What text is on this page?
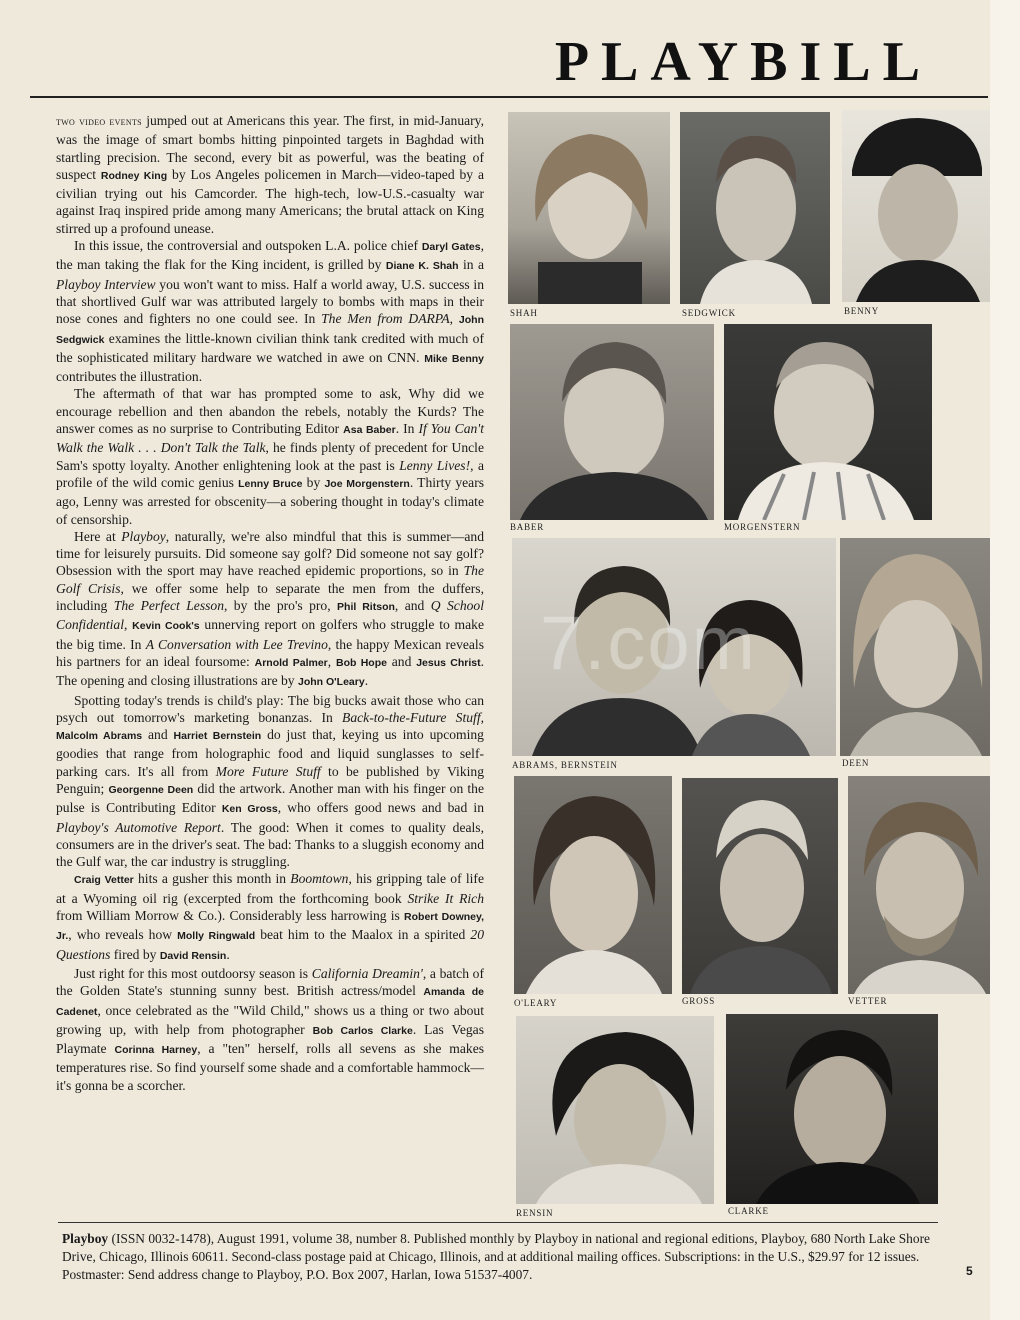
PLAYBILL

two video events jumped out at Americans this year. The first, in mid-January, was the image of smart bombs hitting pinpointed targets in Baghdad with startling precision. The second, every bit as powerful, was the beating of suspect Rodney King by Los Angeles policemen in March—video-taped by a civilian trying out his Camcorder. The high-tech, low-U.S.-casualty war against Iraq inspired pride among many Americans; the brutal attack on King stirred up a profound unease.

In this issue, the controversial and outspoken L.A. police chief Daryl Gates, the man taking the flak for the King incident, is grilled by Diane K. Shah in a Playboy Interview you won't want to miss. Half a world away, U.S. success in that shortlived Gulf war was attributed largely to bombs with maps in their nose cones and fighters no one could see. In The Men from DARPA, John Sedgwick examines the little-known civilian think tank credited with much of the sophisticated military hardware we watched in awe on CNN. Mike Benny contributes the illustration.

The aftermath of that war has prompted some to ask, Why did we encourage rebellion and then abandon the rebels, notably the Kurds? The answer comes as no surprise to Contributing Editor Asa Baber. In If You Can't Walk the Walk . . . Don't Talk the Talk, he finds plenty of precedent for Uncle Sam's spotty loyalty. Another enlightening look at the past is Lenny Lives!, a profile of the wild comic genius Lenny Bruce by Joe Morgenstern. Thirty years ago, Lenny was arrested for obscenity—a sobering thought in today's climate of censorship.

Here at Playboy, naturally, we're also mindful that this is summer—and time for leisurely pursuits. Did someone say golf? Did someone not say golf? Obsession with the sport may have reached epidemic proportions, so in The Golf Crisis, we offer some help to separate the men from the duffers, including The Perfect Lesson, by the pro's pro, Phil Ritson, and Q School Confidential, Kevin Cook's unnerving report on golfers who struggle to make the big time. In A Conversation with Lee Trevino, the happy Mexican reveals his partners for an ideal foursome: Arnold Palmer, Bob Hope and Jesus Christ. The opening and closing illustrations are by John O'Leary.

Spotting today's trends is child's play: The big bucks await those who can psych out tomorrow's marketing bonanzas. In Back-to-the-Future Stuff, Malcolm Abrams and Harriet Bernstein do just that, keying us into upcoming goodies that range from holographic food and liquid sunglasses to self-parking cars. It's all from More Future Stuff to be published by Viking Penguin; Georgenne Deen did the artwork. Another man with his finger on the pulse is Contributing Editor Ken Gross, who offers good news and bad in Playboy's Automotive Report. The good: When it comes to quality deals, consumers are in the driver's seat. The bad: Thanks to a sluggish economy and the Gulf war, the car industry is struggling.

Craig Vetter hits a gusher this month in Boomtown, his gripping tale of life at a Wyoming oil rig (excerpted from the forthcoming book Strike It Rich from William Morrow & Co.). Considerably less harrowing is Robert Downey, Jr., who reveals how Molly Ringwald beat him to the Maalox in a spirited 20 Questions fired by David Rensin.

Just right for this most outdoorsy season is California Dreamin', a batch of the Golden State's stunning sunny best. British actress/model Amanda de Cadenet, once celebrated as the "Wild Child," shows us a thing or two about growing up, with help from photographer Bob Carlos Clarke. Las Vegas Playmate Corinna Harney, a "ten" herself, rolls all sevens as she makes temperatures rise. So find yourself some shade and a comfortable hammock—it's gonna be a scorcher.

SHAH	SEDGWICK	BENNY
BABER	MORGENSTERN
ABRAMS, BERNSTEIN	DEEN
O'LEARY	GROSS	VETTER
RENSIN	CLARKE
7.com
Playboy (ISSN 0032-1478), August 1991, volume 38, number 8. Published monthly by Playboy in national and regional editions, Playboy, 680 North Lake Shore Drive, Chicago, Illinois 60611. Second-class postage paid at Chicago, Illinois, and at additional mailing offices. Subscriptions: in the U.S., $29.97 for 12 issues. Postmaster: Send address change to Playboy, P.O. Box 2007, Harlan, Iowa 51537-4007.	5
